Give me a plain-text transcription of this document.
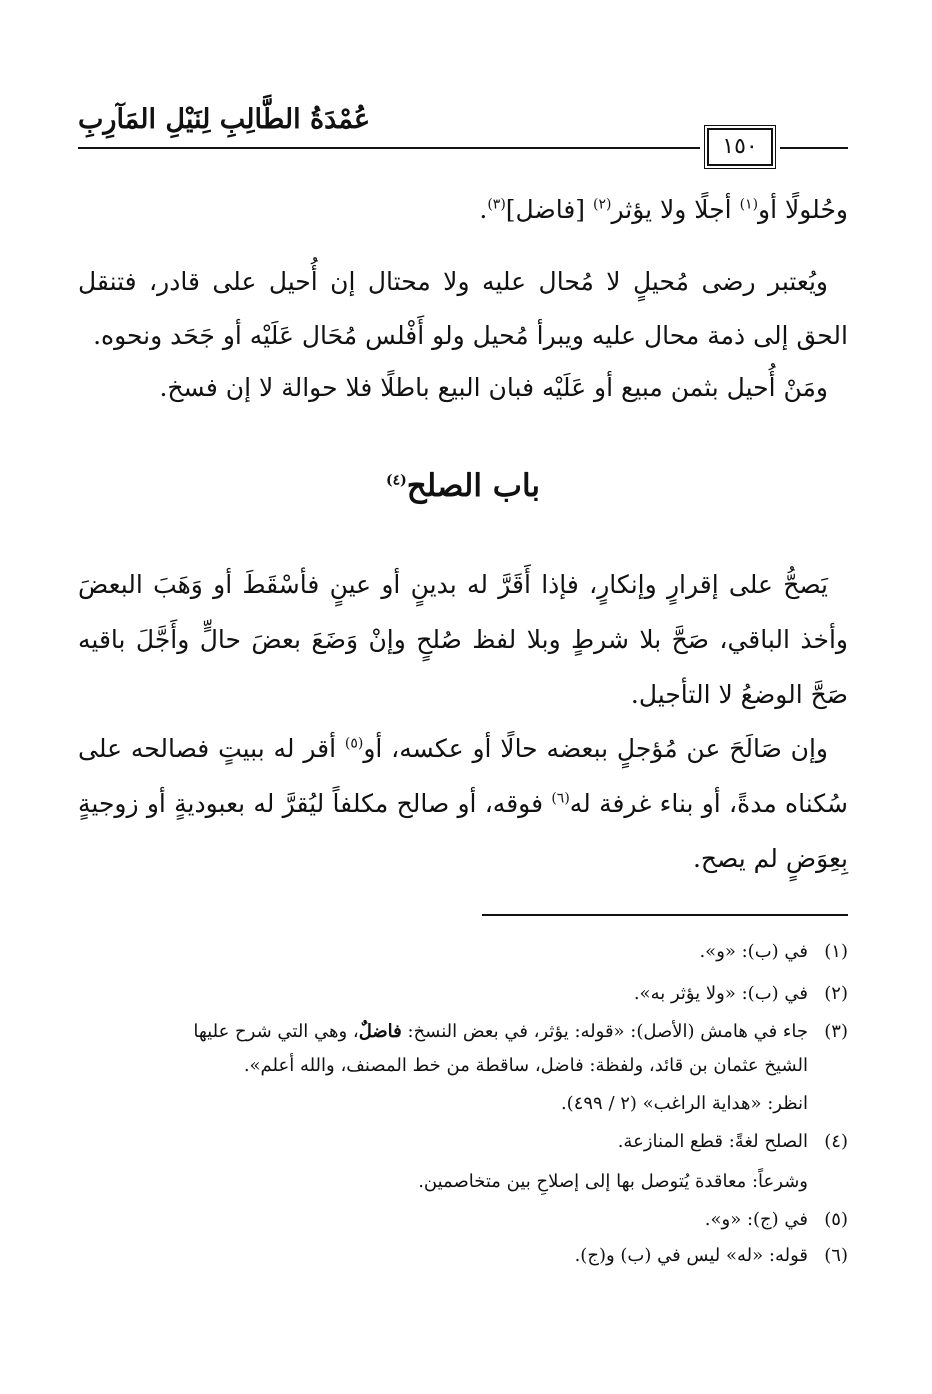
عُمْدَةُ الطَّالِبِ لِنَيْلِ المَآرِبِ
١٥٠
وحُلولًا أو$^{(١)}$ أجلًا ولا يؤثر$^{(٢)}$ [فاضل]$^{(٣)}$.
ويُعتبر رضى مُحيلٍ لا مُحال عليه ولا محتال إن أُحيل على قادر، فتنقل الحق إلى ذمة محال عليه ويبرأ مُحيل ولو أَفْلس مُحَال عَلَيْه أو جَحَد ونحوه.
ومَنْ أُحيل بثمن مبيع أو عَلَيْه فبان البيع باطلًا فلا حوالة لا إن فسخ.
باب الصلح$^{(٤)}$
يَصحُّ على إقرارٍ وإنكارٍ، فإذا أَقَرَّ له بدينٍ أو عينٍ فأسْقَطَ أو وَهَبَ البعضَ وأخذ الباقي، صَحَّ بلا شرطٍ وبلا لفظ صُلحٍ وإنْ وَضَعَ بعضَ حالٍّ وأَجَّلَ باقيه صَحَّ الوضعُ لا التأجيل.
وإن صَالَحَ عن مُؤجلٍ ببعضه حالًا أو عكسه، أو$^{(٥)}$ أقر له ببيتٍ فصالحه على سُكناه مدةً، أو بناء غرفة له$^{(٦)}$ فوقه، أو صالح مكلفاً ليُقرَّ له بعبوديةٍ أو زوجيةٍ بِعِوَضٍ لم يصح.
(١)في (ب): «و».
(٢)في (ب): «ولا يؤثر به».
(٣)جاء في هامش (الأصل): «قوله: يؤثر، في بعض النسخ: فاضلٌ، وهي التي شرح عليها
الشيخ عثمان بن قائد، ولفظة: فاضل، ساقطة من خط المصنف، والله أعلم».
انظر: «هداية الراغب» (٢ / ٤٩٩).
(٤)الصلح لغةً: قطع المنازعة.
وشرعاً: معاقدة يُتوصل بها إلى إصلاحِ بين متخاصمين.
(٥)في (ج): «و».
(٦)قوله: «له» ليس في (ب) و(ج).
